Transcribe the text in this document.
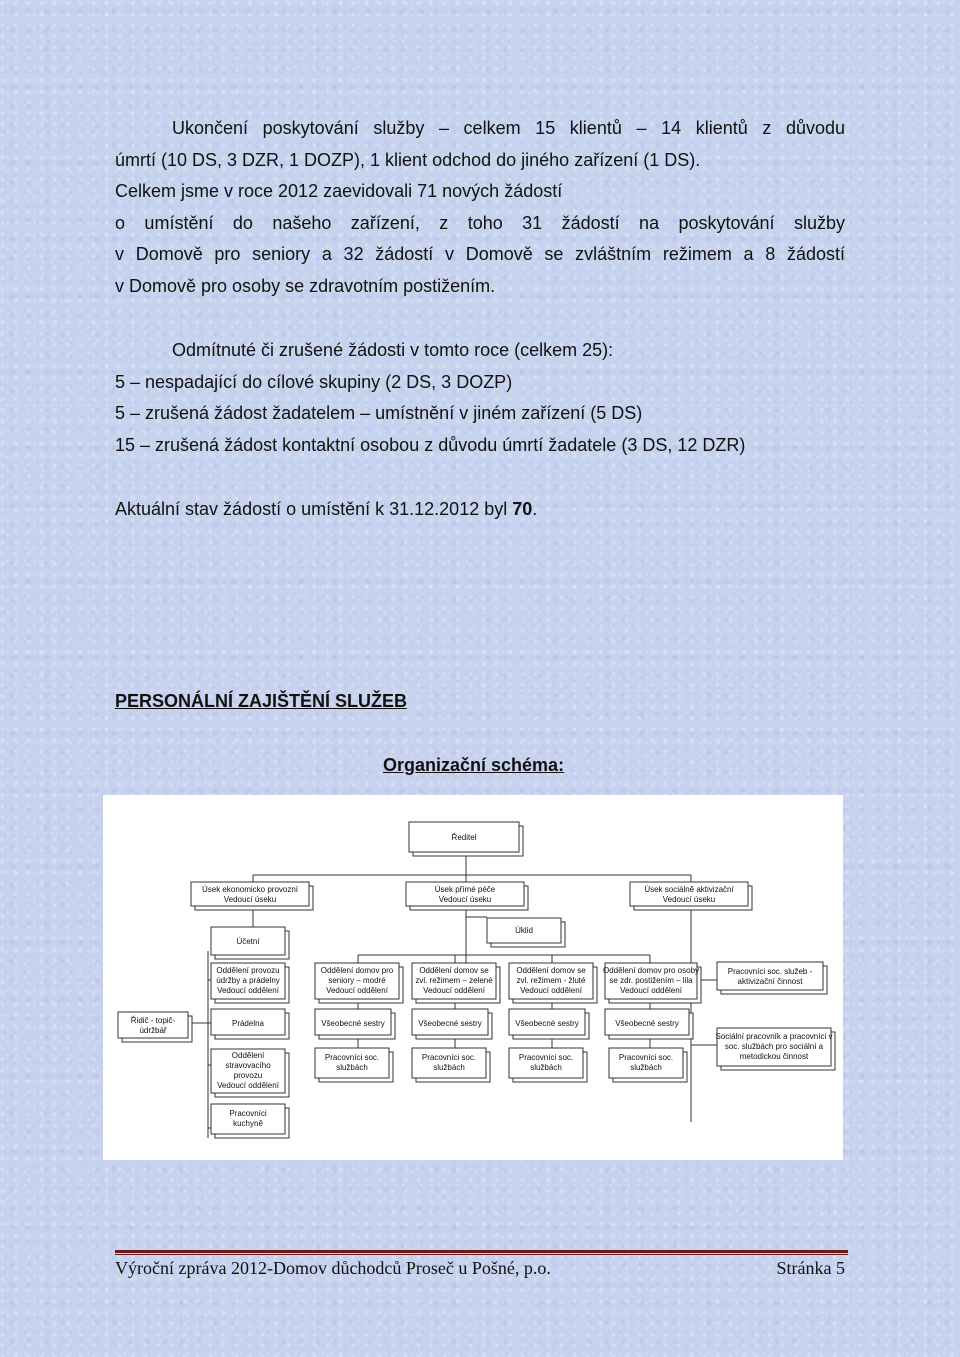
Ukončení poskytování služby – celkem 15 klientů – 14 klientů z důvodu

úmrtí (10 DS, 3 DZR, 1 DOZP), 1 klient odchod do jiného zařízení (1 DS).

Celkem jsme v roce 2012 zaevidovali 71 nových žádostí

o umístění do našeho zařízení, z toho 31 žádostí na poskytování služby

v Domově pro seniory a 32 žádostí v Domově se zvláštním režimem a 8 žádostí

v Domově pro osoby se zdravotním postižením.

Odmítnuté či zrušené žádosti v tomto roce (celkem 25):

5 – nespadající do cílové skupiny (2 DS, 3 DOZP)

5 – zrušená žádost žadatelem – umístnění v jiném zařízení (5 DS)

15 – zrušená žádost kontaktní osobou z důvodu úmrtí žadatele (3 DS, 12 DZR)

Aktuální stav žádostí o umístění k 31.12.2012 byl 70.

PERSONÁLNÍ ZAJIŠTĚNÍ SLUŽEB
Organizační schéma:
Ředitel
Úsek ekonomicko provozní
Vedoucí úseku
Úsek přímé péče
Vedoucí úseku
Úsek sociálně aktivizační
Vedoucí úseku
Účetní
Úklid
Oddělení provozu
údržby a prádelny
Vedoucí oddělení
Oddělení domov pro
seniory – modré
Vedoucí oddělení
Oddělení domov se
zvl. režimem – zelené
Vedoucí oddělení
Oddělení domov se
zvl. režimem - žluté
Vedoucí oddělení
Oddělení domov pro osoby
se zdr. postižením – lila
Vedoucí oddělení
Pracovníci soc. služeb -
aktivizační činnost
Řidič - topič-
údržbář
Prádelna	Všeobecné sestry	Všeobecné sestry	Všeobecné sestry	Všeobecné sestry
Oddělení
stravovacího
provozu
Vedoucí oddělení
Pracovníci soc.
službách
Pracovníci soc.
službách
Pracovníci soc.
službách
Pracovníci soc.
službách
Sociální pracovník a pracovníci v
soc. službách pro sociální a
metodickou činnost
Pracovníci
kuchyně
Výroční zpráva 2012-Domov důchodců Proseč u Pošné, p.o.	Stránka 5
